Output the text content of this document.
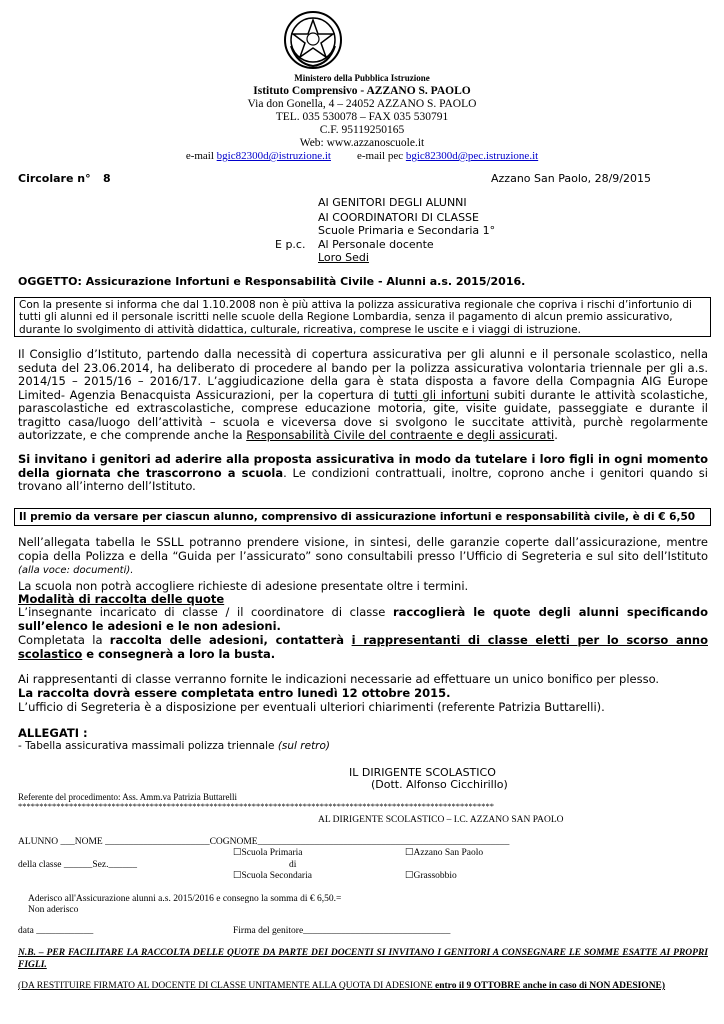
Ministero della Pubblica Istruzione
Istituto Comprensivo - AZZANO S. PAOLO
Via don Gonella, 4 – 24052 AZZANO S. PAOLO
TEL. 035 530078 – FAX 035 530791
C.F. 95119250165
Web: www.azzanoscuole.it
e-mail bgic82300d@istruzione.it e-mail pec bgic82300d@pec.istruzione.it
Circolare n° 8	Azzano San Paolo, 28/9/2015
AI GENITORI DEGLI ALUNNI
AI COORDINATORI DI CLASSE
Scuole Primaria e Secondaria 1°
E p.c. Al Personale docente
Loro Sedi
OGGETTO: Assicurazione Infortuni e Responsabilità Civile - Alunni a.s. 2015/2016.
Con la presente si informa che dal 1.10.2008 non è più attiva la polizza assicurativa regionale che copriva i rischi d’infortunio di tutti gli alunni ed il personale iscritti nelle scuole della Regione Lombardia, senza il pagamento di alcun premio assicurativo, durante lo svolgimento di attività didattica, culturale, ricreativa, comprese le uscite e i viaggi di istruzione.
Il Consiglio d’Istituto, partendo dalla necessità di copertura assicurativa per gli alunni e il personale scolastico, nella seduta del 23.06.2014, ha deliberato di procedere al bando per la polizza assicurativa volontaria triennale per gli a.s. 2014/15 – 2015/16 – 2016/17. L’aggiudicazione della gara è stata disposta a favore della Compagnia AIG Europe Limited- Agenzia Benacquista Assicurazioni, per la copertura di tutti gli infortuni subiti durante le attività scolastiche, parascolastiche ed extrascolastiche, comprese educazione motoria, gite, visite guidate, passeggiate e durante il tragitto casa/luogo dell’attività – scuola e viceversa dove si svolgono le succitate attività, purchè regolarmente autorizzate, e che comprende anche la Responsabilità Civile del contraente e degli assicurati.
Si invitano i genitori ad aderire alla proposta assicurativa in modo da tutelare i loro figli in ogni momento della giornata che trascorrono a scuola. Le condizioni contrattuali, inoltre, coprono anche i genitori quando si trovano all’interno dell’Istituto.
Il premio da versare per ciascun alunno, comprensivo di assicurazione infortuni e responsabilità civile, è di € 6,50
Nell’allegata tabella le SSLL potranno prendere visione, in sintesi, delle garanzie coperte dall’assicurazione, mentre copia della Polizza e della “Guida per l’assicurato” sono consultabili presso l’Ufficio di Segreteria e sul sito dell’Istituto (alla voce: documenti).
La scuola non potrà accogliere richieste di adesione presentate oltre i termini.
Modalità di raccolta delle quote
L’insegnante incaricato di classe / il coordinatore di classe raccoglierà le quote degli alunni specificando sull’elenco le adesioni e le non adesioni.
Completata la raccolta delle adesioni, contatterà i rappresentanti di classe eletti per lo scorso anno scolastico e consegnerà a loro la busta.
Ai rappresentanti di classe verranno fornite le indicazioni necessarie ad effettuare un unico bonifico per plesso.
La raccolta dovrà essere completata entro lunedì 12 ottobre 2015.
L’ufficio di Segreteria è a disposizione per eventuali ulteriori chiarimenti (referente Patrizia Buttarelli).
ALLEGATI :
- Tabella assicurativa massimali polizza triennale (sul retro)
IL DIRIGENTE SCOLASTICO
(Dott. Alfonso Cicchirillo)
Referente del procedimento: Ass. Amm.va Patrizia Buttarelli
****************************************************************************************************************
AL DIRIGENTE SCOLASTICO – I.C. AZZANO SAN PAOLO
ALUNNO ___NOME ______________________COGNOME_____________________________________________________
☐Scuola Primaria	☐Azzano San Paolo
della classe ______Sez.______	di
☐Scuola Secondaria	☐Grassobbio
Aderisco all'Assicurazione alunni a.s. 2015/2016 e consegno la somma di € 6,50.=
Non aderisco
data ____________	Firma del genitore_______________________________
N.B. – PER FACILITARE LA RACCOLTA DELLE QUOTE DA PARTE DEI DOCENTI SI INVITANO I GENITORI A CONSEGNARE LE SOMME ESATTE AI PROPRI FIGLI.
(DA RESTITUIRE FIRMATO AL DOCENTE DI CLASSE UNITAMENTE ALLA QUOTA DI ADESIONE entro il 9 OTTOBRE anche in caso di NON ADESIONE)
